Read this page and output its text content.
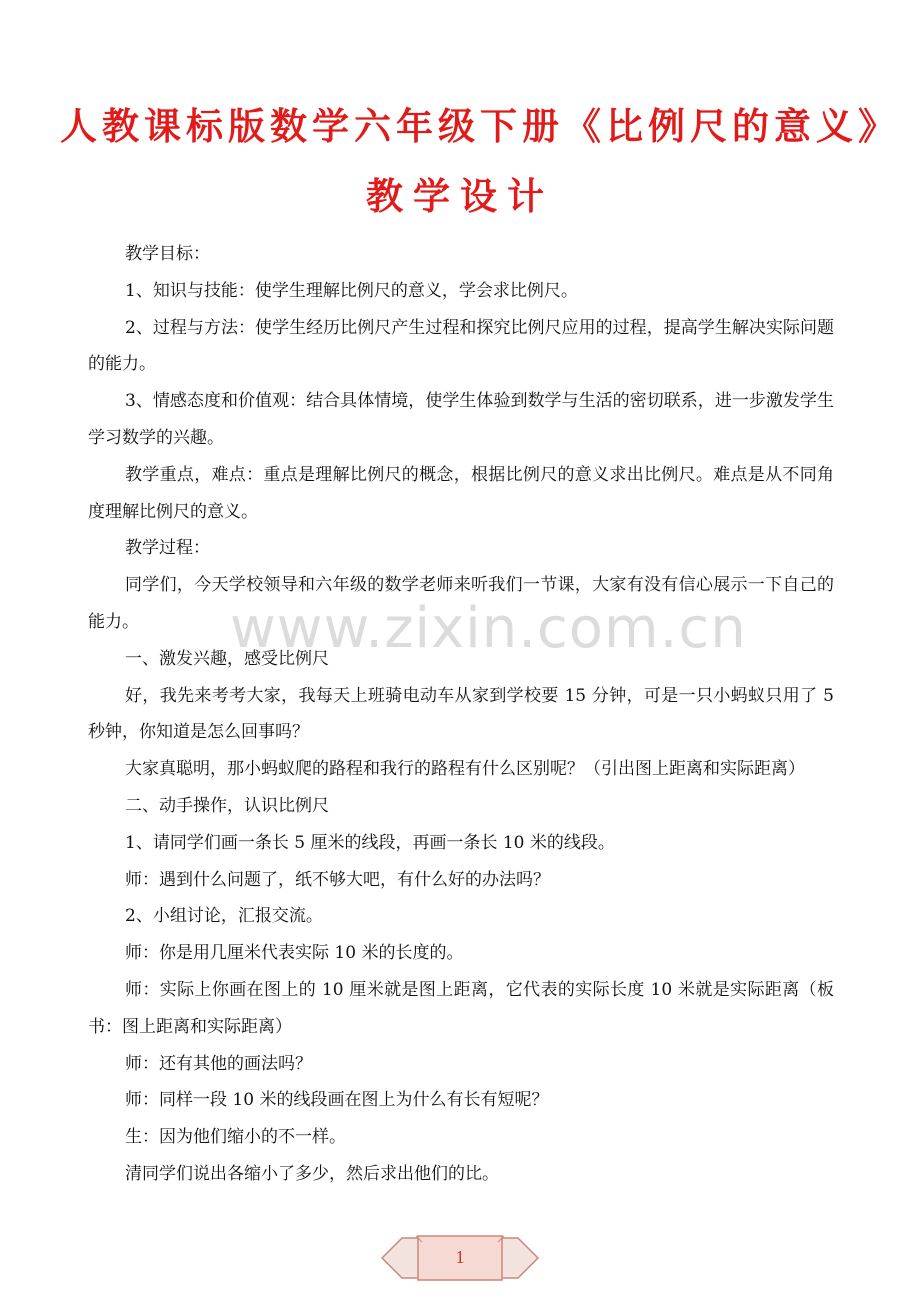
人教课标版数学六年级下册《比例尺的意义》
教学设计
www.zixin.com.cn

教学目标：

1、知识与技能：使学生理解比例尺的意义，学会求比例尺。

2、过程与方法：使学生经历比例尺产生过程和探究比例尺应用的过程，提高学生解决实际问题的能力。

3、情感态度和价值观：结合具体情境，使学生体验到数学与生活的密切联系，进一步激发学生学习数学的兴趣。

教学重点，难点：重点是理解比例尺的概念，根据比例尺的意义求出比例尺。难点是从不同角度理解比例尺的意义。

教学过程：

同学们，今天学校领导和六年级的数学老师来听我们一节课，大家有没有信心展示一下自己的能力。

一、激发兴趣，感受比例尺

好，我先来考考大家，我每天上班骑电动车从家到学校要 15 分钟，可是一只小蚂蚁只用了 5 秒钟，你知道是怎么回事吗？

大家真聪明，那小蚂蚁爬的路程和我行的路程有什么区别呢？（引出图上距离和实际距离）

二、动手操作，认识比例尺

1、请同学们画一条长 5 厘米的线段，再画一条长 10 米的线段。

师：遇到什么问题了，纸不够大吧，有什么好的办法吗？

2、小组讨论，汇报交流。

师：你是用几厘米代表实际 10 米的长度的。

师：实际上你画在图上的 10 厘米就是图上距离，它代表的实际长度 10 米就是实际距离（板书：图上距离和实际距离）

师：还有其他的画法吗？

师：同样一段 10 米的线段画在图上为什么有长有短呢？

生：因为他们缩小的不一样。

清同学们说出各缩小了多少，然后求出他们的比。

1
